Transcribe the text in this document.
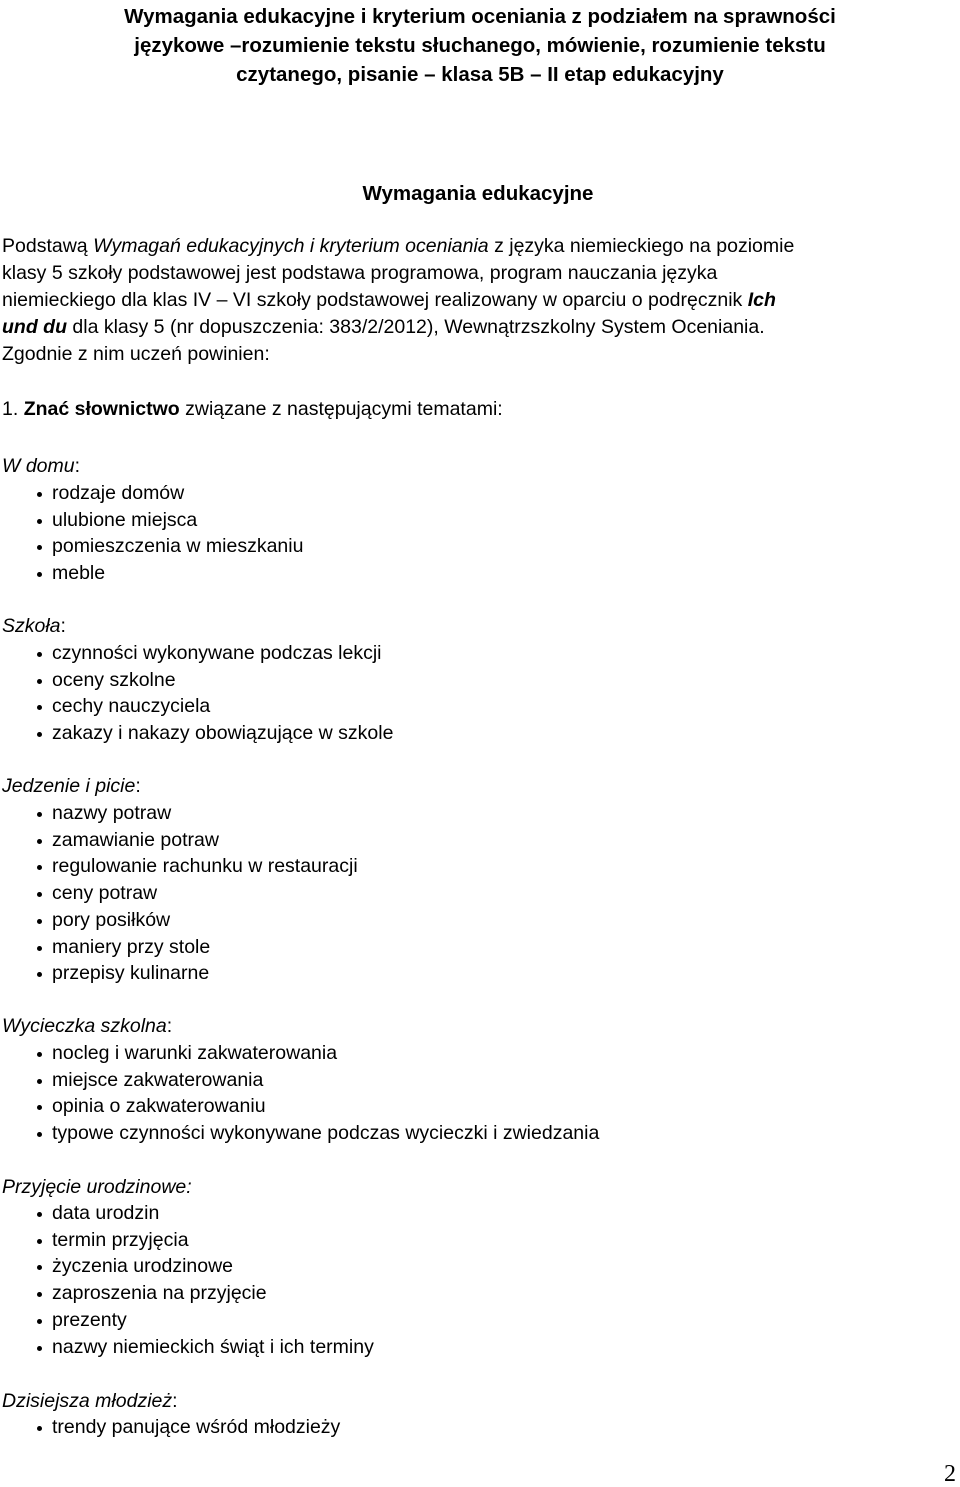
Wymagania edukacyjne i kryterium oceniania z podziałem na sprawności
językowe –rozumienie tekstu słuchanego, mówienie, rozumienie tekstu
czytanego, pisanie – klasa 5B – II etap edukacyjny
Wymagania edukacyjne
Podstawą Wymagań edukacyjnych i kryterium oceniania z języka niemieckiego na poziomie
klasy 5 szkoły podstawowej jest podstawa programowa, program nauczania języka
niemieckiego dla klas IV – VI szkoły podstawowej realizowany w oparciu o podręcznik Ich
und du dla klasy 5 (nr dopuszczenia: 383/2/2012), Wewnątrzszkolny System Oceniania.
Zgodnie z nim uczeń powinien:
1. Znać słownictwo związane z następującymi tematami:
W domu:
rodzaje domów
ulubione miejsca
pomieszczenia w mieszkaniu
meble
Szkoła:
czynności wykonywane podczas lekcji
oceny szkolne
cechy nauczyciela
zakazy i nakazy obowiązujące w szkole
Jedzenie i picie:
nazwy potraw
zamawianie potraw
regulowanie rachunku w restauracji
ceny potraw
pory posiłków
maniery przy stole
przepisy kulinarne
Wycieczka szkolna:
nocleg i warunki zakwaterowania
miejsce zakwaterowania
opinia o zakwaterowaniu
typowe czynności wykonywane podczas wycieczki i zwiedzania
Przyjęcie urodzinowe:
data urodzin
termin przyjęcia
życzenia urodzinowe
zaproszenia na przyjęcie
prezenty
nazwy niemieckich świąt i ich terminy
Dzisiejsza młodzież:
trendy panujące wśród młodzieży
2
